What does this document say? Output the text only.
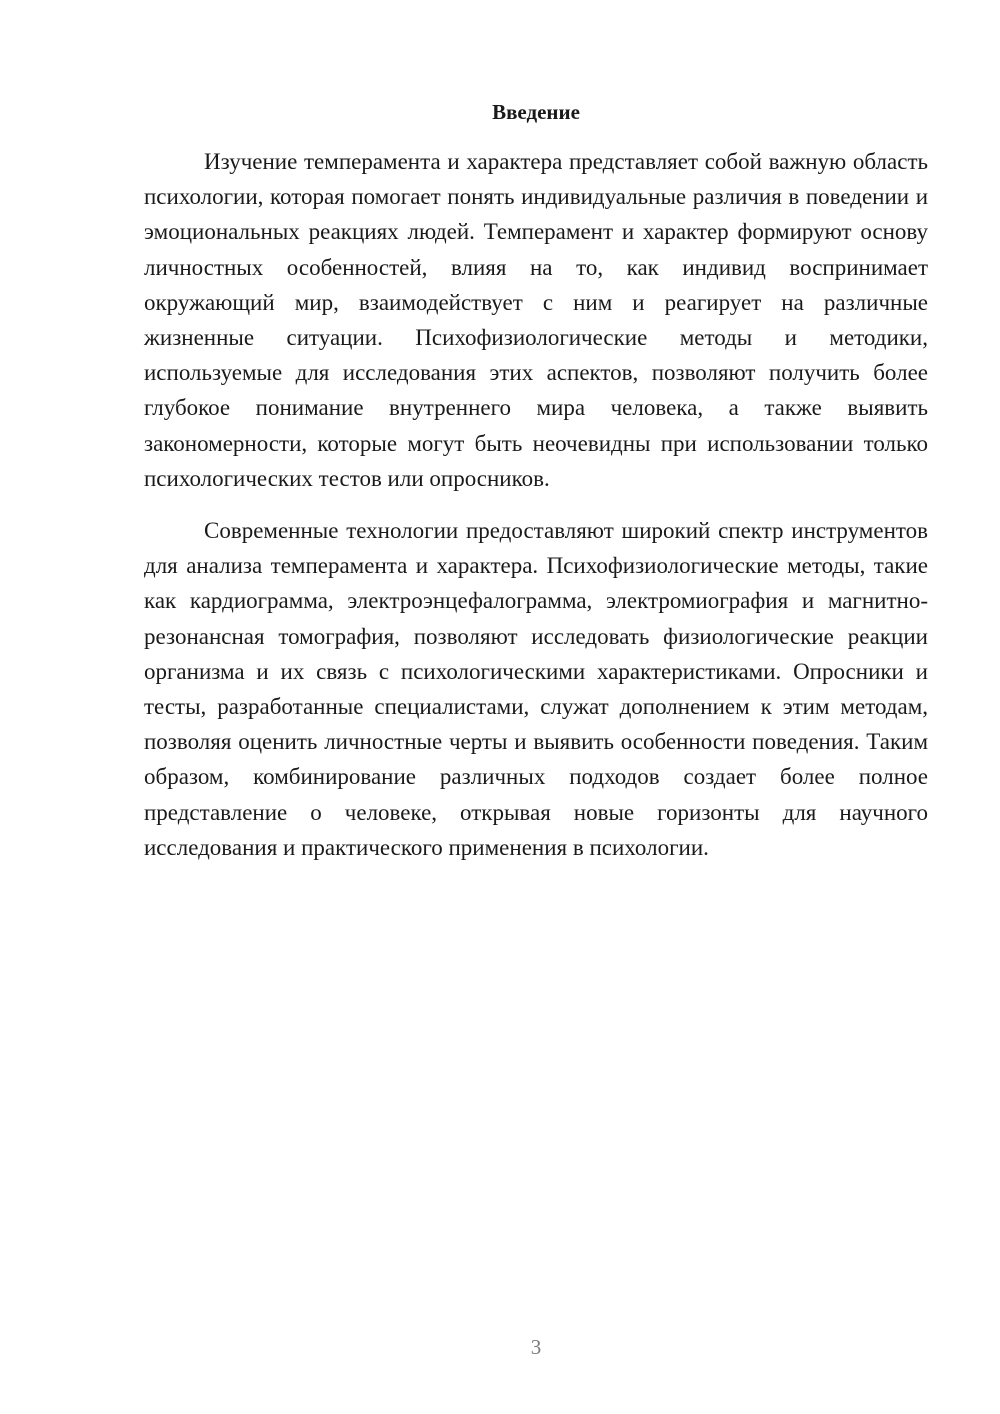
Введение

Изучение темперамента и характера представляет собой важную область психологии, которая помогает понять индивидуальные различия в поведении и эмоциональных реакциях людей. Темперамент и характер формируют основу личностных особенностей, влияя на то, как индивид воспринимает окружающий мир, взаимодействует с ним и реагирует на различные жизненные ситуации. Психофизиологические методы и методики, используемые для исследования этих аспектов, позволяют получить более глубокое понимание внутреннего мира человека, а также выявить закономерности, которые могут быть неочевидны при использовании только психологических тестов или опросников.

Современные технологии предоставляют широкий спектр инструментов для анализа темперамента и характера. Психофизиологические методы, такие как кардиограмма, электроэнцефалограмма, электромиография и магнитно-резонансная томография, позволяют исследовать физиологические реакции организма и их связь с психологическими характеристиками. Опросники и тесты, разработанные специалистами, служат дополнением к этим методам, позволяя оценить личностные черты и выявить особенности поведения. Таким образом, комбинирование различных подходов создает более полное представление о человеке, открывая новые горизонты для научного исследования и практического применения в психологии.

3
